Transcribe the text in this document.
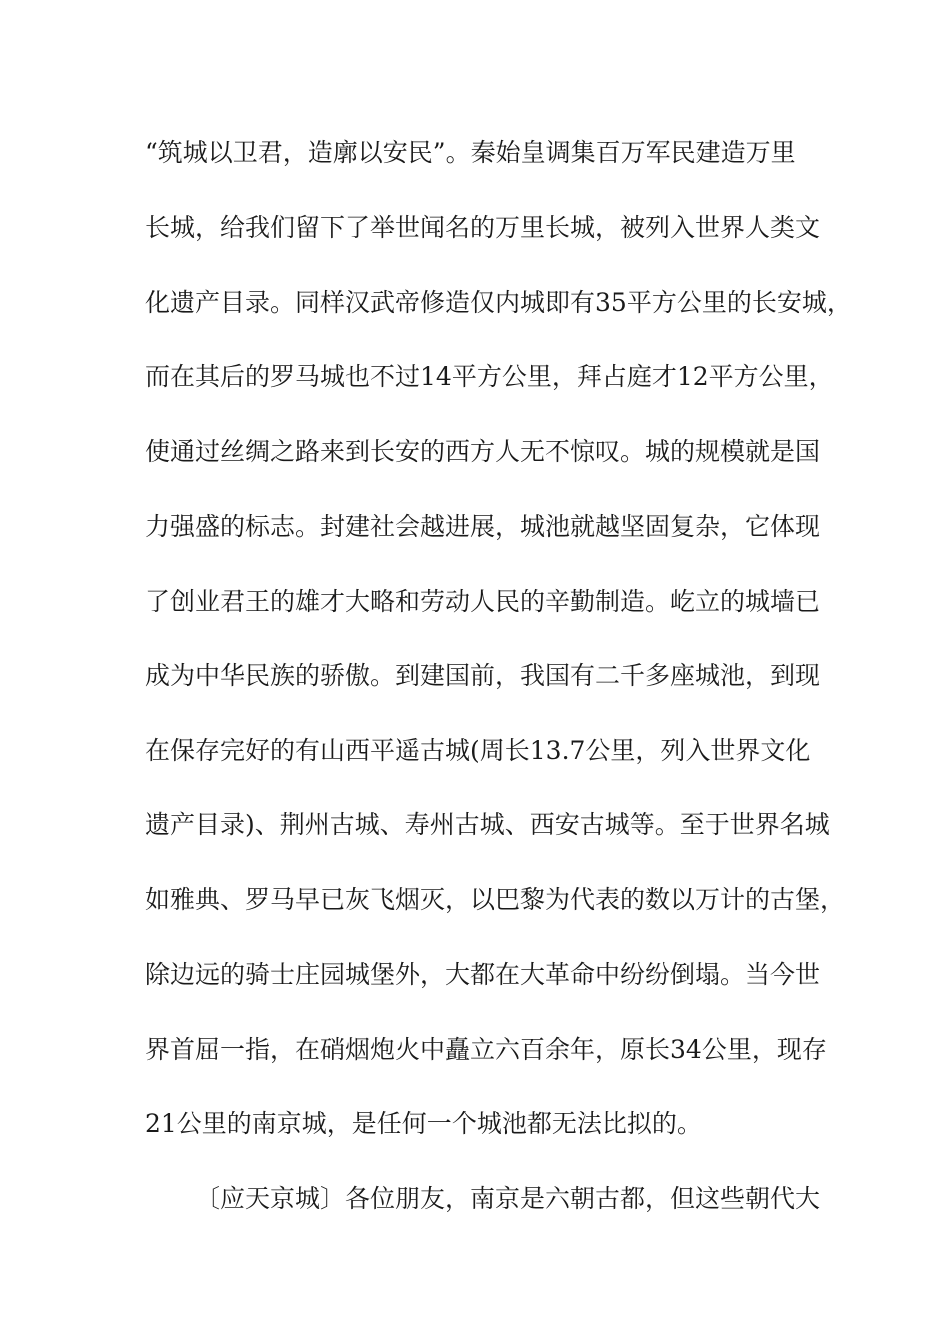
“筑城以卫君，造廓以安民”。秦始皇调集百万军民建造万里
长城，给我们留下了举世闻名的万里长城，被列入世界人类文
化遗产目录。同样汉武帝修造仅内城即有35平方公里的长安城，
而在其后的罗马城也不过14平方公里，拜占庭才12平方公里，
使通过丝绸之路来到长安的西方人无不惊叹。城的规模就是国
力强盛的标志。封建社会越进展，城池就越坚固复杂，它体现
了创业君王的雄才大略和劳动人民的辛勤制造。屹立的城墙已
成为中华民族的骄傲。到建国前，我国有二千多座城池，到现
在保存完好的有山西平遥古城(周长13.7公里，列入世界文化
遗产目录)、荆州古城、寿州古城、西安古城等。至于世界名城
如雅典、罗马早已灰飞烟灭，以巴黎为代表的数以万计的古堡，
除边远的骑士庄园城堡外，大都在大革命中纷纷倒塌。当今世
界首屈一指，在硝烟炮火中矗立六百余年，原长34公里，现存
21公里的南京城，是任何一个城池都无法比拟的。
〔应天京城〕各位朋友，南京是六朝古都，但这些朝代大
